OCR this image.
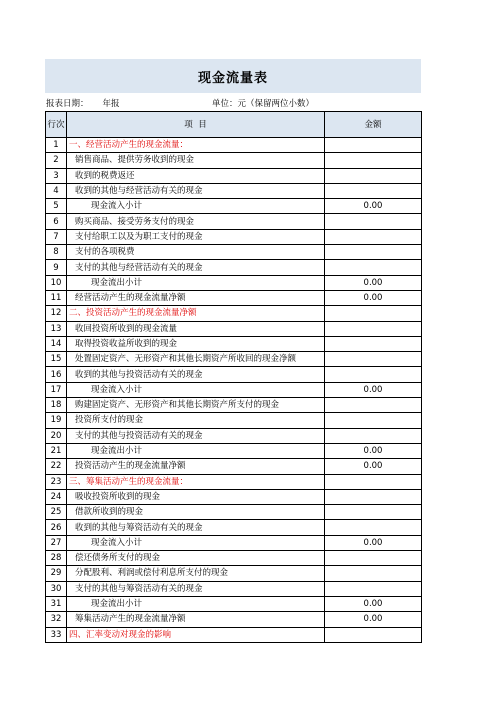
现金流量表
报表日期： 年报	单位：元（保留两位小数）
行次	项  目	金额
1	一、经营活动产生的现金流量：	
2	销售商品、提供劳务收到的现金	
3	收到的税费返还	
4	收到的其他与经营活动有关的现金	
5	现金流入小计	0.00
6	购买商品、接受劳务支付的现金	
7	支付给职工以及为职工支付的现金	
8	支付的各项税费	
9	支付的其他与经营活动有关的现金	
10	现金流出小计	0.00
11	经营活动产生的现金流量净额	0.00
12	二、投资活动产生的现金流量净额	
13	收回投资所收到的现金流量	
14	取得投资收益所收到的现金	
15	处置固定资产、无形资产和其他长期资产所收回的现金净额	
16	收到的其他与投资活动有关的现金	
17	现金流入小计	0.00
18	购建固定资产、无形资产和其他长期资产所支付的现金	
19	投资所支付的现金	
20	支付的其他与投资活动有关的现金	
21	现金流出小计	0.00
22	投资活动产生的现金流量净额	0.00
23	三、筹集活动产生的现金流量：	
24	吸收投资所收到的现金	
25	借款所收到的现金	
26	收到的其他与筹资活动有关的现金	
27	现金流入小计	0.00
28	偿还债务所支付的现金	
29	分配股利、利润或偿付利息所支付的现金	
30	支付的其他与筹资活动有关的现金	
31	现金流出小计	0.00
32	筹集活动产生的现金流量净额	0.00
33	四、汇率变动对现金的影响	
